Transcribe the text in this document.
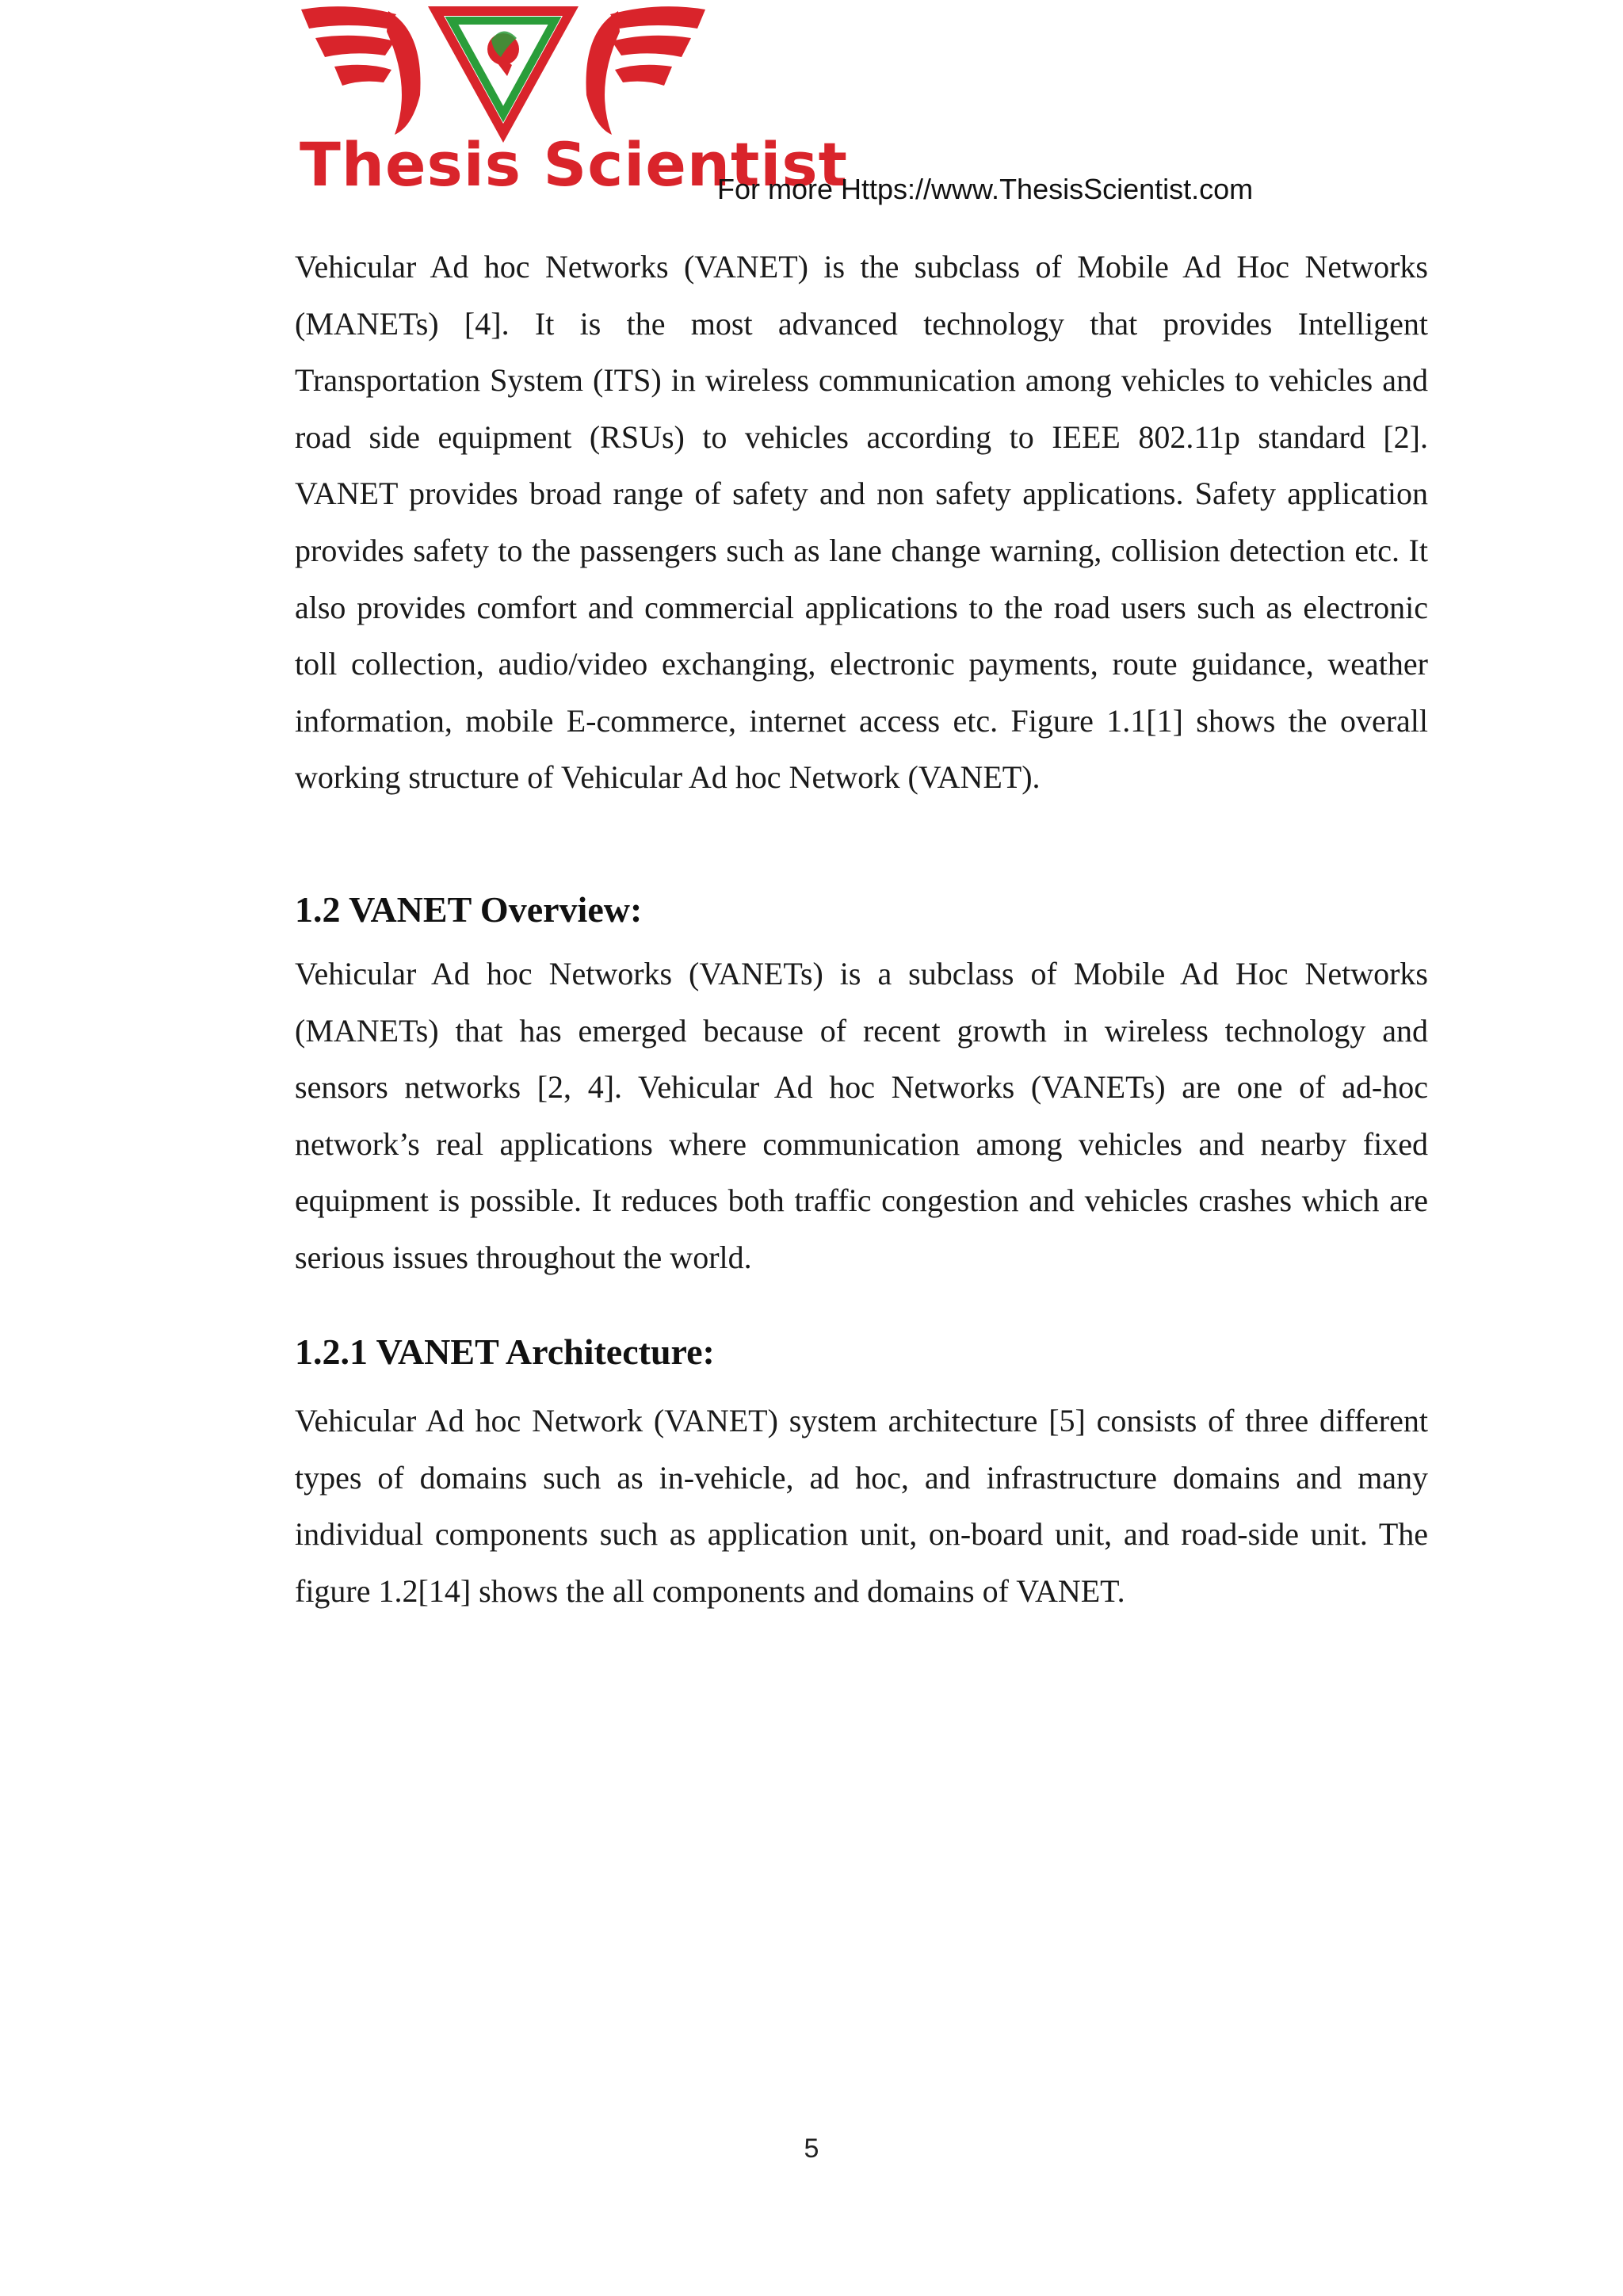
Thesis Scientist
For more Https://www.ThesisScientist.com

Vehicular Ad hoc Networks (VANET) is the subclass of Mobile Ad Hoc Networks (MANETs) [4]. It is the most advanced technology that provides Intelligent Transportation System (ITS) in wireless communication among vehicles to vehicles and road side equipment (RSUs) to vehicles according to IEEE 802.11p standard [2]. VANET provides broad range of safety and non safety applications. Safety application provides safety to the passengers such as lane change warning, collision detection etc. It also provides comfort and commercial applications to the road users such as electronic toll collection, audio/video exchanging, electronic payments, route guidance, weather information, mobile E-commerce, internet access etc. Figure 1.1[1] shows the overall working structure of Vehicular Ad hoc Network (VANET).

1.2 VANET Overview:

Vehicular Ad hoc Networks (VANETs) is a subclass of Mobile Ad Hoc Networks (MANETs) that has emerged because of recent growth in wireless technology and sensors networks [2, 4]. Vehicular Ad hoc Networks (VANETs) are one of ad-hoc network’s real applications where communication among vehicles and nearby fixed equipment is possible. It reduces both traffic congestion and vehicles crashes which are serious issues throughout the world.

1.2.1 VANET Architecture:

Vehicular Ad hoc Network (VANET) system architecture [5] consists of three different types of domains such as in-vehicle, ad hoc, and infrastructure domains and many individual components such as application unit, on-board unit, and road-side unit. The figure 1.2[14] shows the all components and domains of VANET.

5
